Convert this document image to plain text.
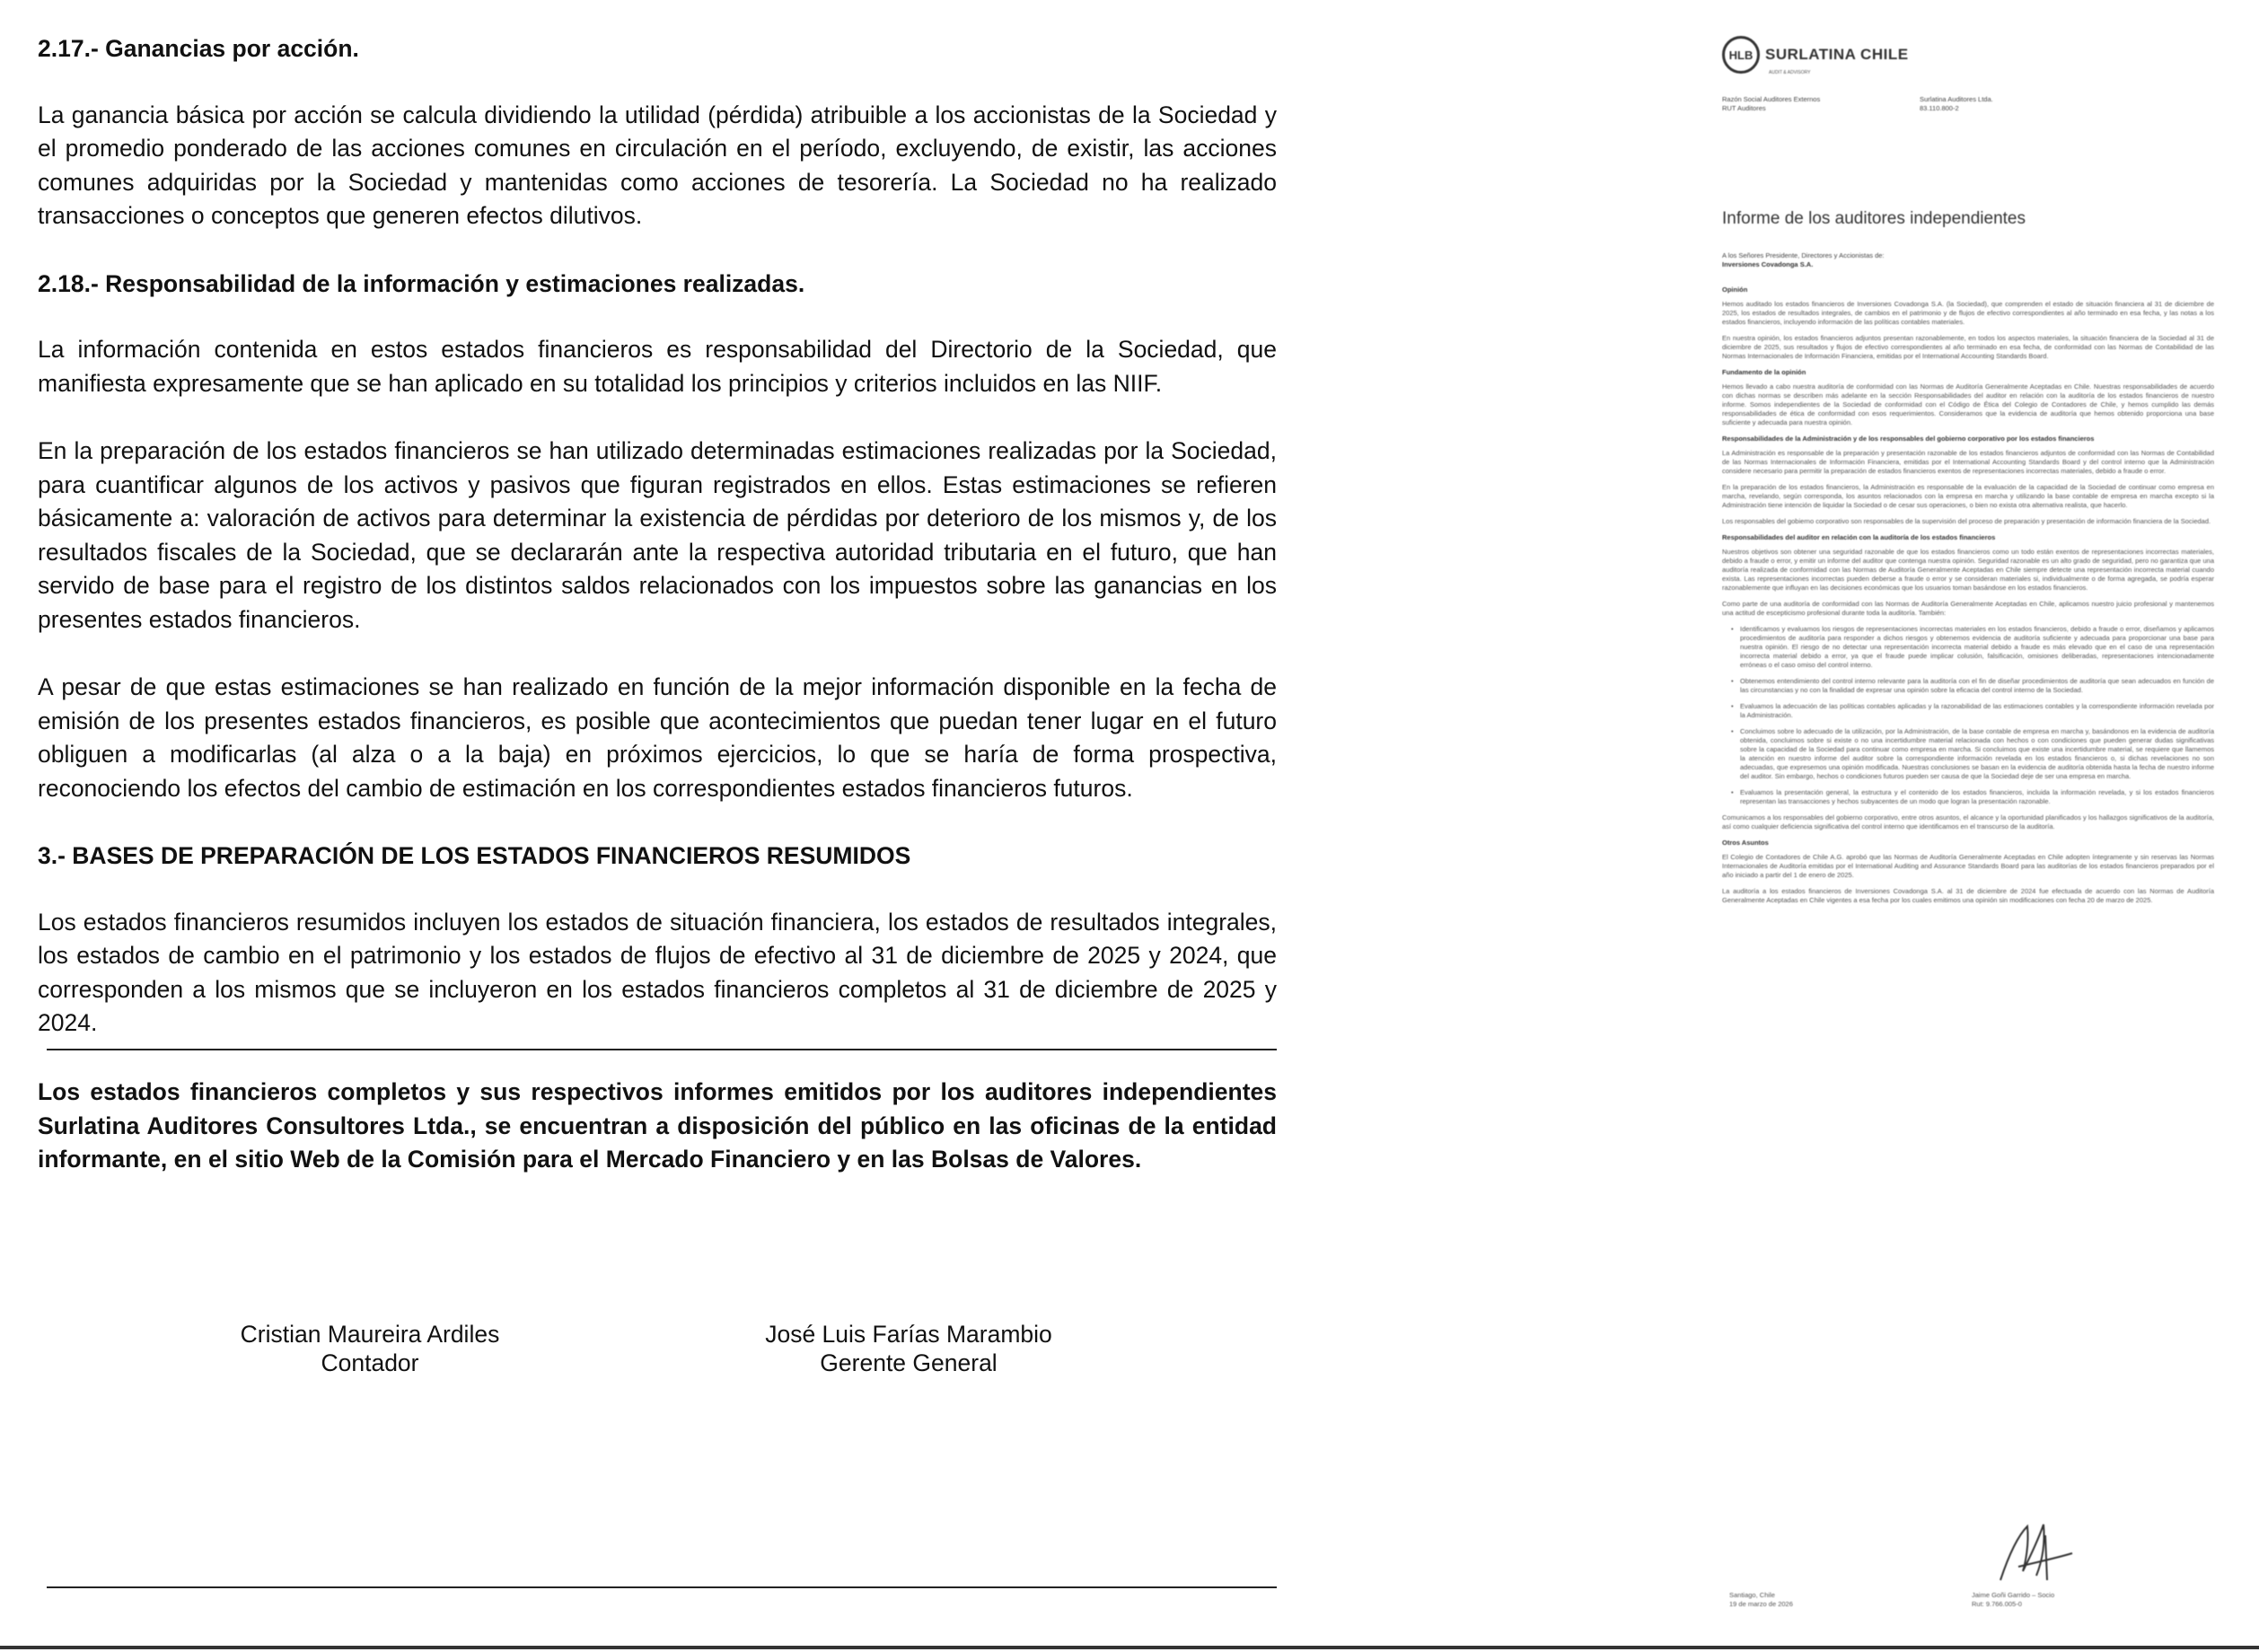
2.17.- Ganancias por acción.

La ganancia básica por acción se calcula dividiendo la utilidad (pérdida) atribuible a los accionistas de la Sociedad y el promedio ponderado de las acciones comunes en circulación en el período, excluyendo, de existir, las acciones comunes adquiridas por la Sociedad y mantenidas como acciones de tesorería. La Sociedad no ha realizado transacciones o conceptos que generen efectos dilutivos.

2.18.- Responsabilidad de la información y estimaciones realizadas.

La información contenida en estos estados financieros es responsabilidad del Directorio de la Sociedad, que manifiesta expresamente que se han aplicado en su totalidad los principios y criterios incluidos en las NIIF.

En la preparación de los estados financieros se han utilizado determinadas estimaciones realizadas por la Sociedad, para cuantificar algunos de los activos y pasivos que figuran registrados en ellos. Estas estimaciones se refieren básicamente a: valoración de activos para determinar la existencia de pérdidas por deterioro de los mismos y, de los resultados fiscales de la Sociedad, que se declararán ante la respectiva autoridad tributaria en el futuro, que han servido de base para el registro de los distintos saldos relacionados con los impuestos sobre las ganancias en los presentes estados financieros.

A pesar de que estas estimaciones se han realizado en función de la mejor información disponible en la fecha de emisión de los presentes estados financieros, es posible que acontecimientos que puedan tener lugar en el futuro obliguen a modificarlas (al alza o a la baja) en próximos ejercicios, lo que se haría de forma prospectiva, reconociendo los efectos del cambio de estimación en los correspondientes estados financieros futuros.

3.- BASES DE PREPARACIÓN DE LOS ESTADOS FINANCIEROS RESUMIDOS

Los estados financieros resumidos incluyen los estados de situación financiera, los estados de resultados integrales, los estados de cambio en el patrimonio y los estados de flujos de efectivo al 31 de diciembre de 2025 y 2024, que corresponden a los mismos que se incluyeron en los estados financieros completos al 31 de diciembre de 2025 y 2024.

Los estados financieros completos y sus respectivos informes emitidos por los auditores independientes Surlatina Auditores Consultores Ltda., se encuentran a disposición del público en las oficinas de la entidad informante, en el sitio Web de la Comisión para el Mercado Financiero y en las Bolsas de Valores.

Cristian Maureira Ardiles
Contador
José Luis Farías Marambio
Gerente General
HLB SURLATINA CHILE
AUDIT & ADVISORY
Razón Social Auditores Externos	Surlatina Auditores Ltda.
RUT Auditores	83.110.800-2
Informe de los auditores independientes

A los Señores Presidente, Directores y Accionistas de:

Inversiones Covadonga S.A.

Opinión

Hemos auditado los estados financieros de Inversiones Covadonga S.A. (la Sociedad), que comprenden el estado de situación financiera al 31 de diciembre de 2025, los estados de resultados integrales, de cambios en el patrimonio y de flujos de efectivo correspondientes al año terminado en esa fecha, y las notas a los estados financieros, incluyendo información de las políticas contables materiales.

En nuestra opinión, los estados financieros adjuntos presentan razonablemente, en todos los aspectos materiales, la situación financiera de la Sociedad al 31 de diciembre de 2025, sus resultados y flujos de efectivo correspondientes al año terminado en esa fecha, de conformidad con las Normas de Contabilidad de las Normas Internacionales de Información Financiera, emitidas por el International Accounting Standards Board.

Fundamento de la opinión

Hemos llevado a cabo nuestra auditoría de conformidad con las Normas de Auditoría Generalmente Aceptadas en Chile. Nuestras responsabilidades de acuerdo con dichas normas se describen más adelante en la sección Responsabilidades del auditor en relación con la auditoría de los estados financieros de nuestro informe. Somos independientes de la Sociedad de conformidad con el Código de Ética del Colegio de Contadores de Chile, y hemos cumplido las demás responsabilidades de ética de conformidad con esos requerimientos. Consideramos que la evidencia de auditoría que hemos obtenido proporciona una base suficiente y adecuada para nuestra opinión.

Responsabilidades de la Administración y de los responsables del gobierno corporativo por los estados financieros

La Administración es responsable de la preparación y presentación razonable de los estados financieros adjuntos de conformidad con las Normas de Contabilidad de las Normas Internacionales de Información Financiera, emitidas por el International Accounting Standards Board y del control interno que la Administración considere necesario para permitir la preparación de estados financieros exentos de representaciones incorrectas materiales, debido a fraude o error.

En la preparación de los estados financieros, la Administración es responsable de la evaluación de la capacidad de la Sociedad de continuar como empresa en marcha, revelando, según corresponda, los asuntos relacionados con la empresa en marcha y utilizando la base contable de empresa en marcha excepto si la Administración tiene intención de liquidar la Sociedad o de cesar sus operaciones, o bien no exista otra alternativa realista, que hacerlo.

Los responsables del gobierno corporativo son responsables de la supervisión del proceso de preparación y presentación de información financiera de la Sociedad.

Responsabilidades del auditor en relación con la auditoría de los estados financieros

Nuestros objetivos son obtener una seguridad razonable de que los estados financieros como un todo están exentos de representaciones incorrectas materiales, debido a fraude o error, y emitir un informe del auditor que contenga nuestra opinión. Seguridad razonable es un alto grado de seguridad, pero no garantiza que una auditoría realizada de conformidad con las Normas de Auditoría Generalmente Aceptadas en Chile siempre detecte una representación incorrecta material cuando exista. Las representaciones incorrectas pueden deberse a fraude o error y se consideran materiales si, individualmente o de forma agregada, se podría esperar razonablemente que influyan en las decisiones económicas que los usuarios toman basándose en los estados financieros.

Como parte de una auditoría de conformidad con las Normas de Auditoría Generalmente Aceptadas en Chile, aplicamos nuestro juicio profesional y mantenemos una actitud de escepticismo profesional durante toda la auditoría. También:

• Identificamos y evaluamos los riesgos de representaciones incorrectas materiales en los estados financieros, debido a fraude o error, diseñamos y aplicamos procedimientos de auditoría para responder a dichos riesgos y obtenemos evidencia de auditoría suficiente y adecuada para proporcionar una base para nuestra opinión. El riesgo de no detectar una representación incorrecta material debido a fraude es más elevado que en el caso de una representación incorrecta material debido a error, ya que el fraude puede implicar colusión, falsificación, omisiones deliberadas, representaciones intencionadamente erróneas o el caso omiso del control interno.

• Obtenemos entendimiento del control interno relevante para la auditoría con el fin de diseñar procedimientos de auditoría que sean adecuados en función de las circunstancias y no con la finalidad de expresar una opinión sobre la eficacia del control interno de la Sociedad.

• Evaluamos la adecuación de las políticas contables aplicadas y la razonabilidad de las estimaciones contables y la correspondiente información revelada por la Administración.

• Concluimos sobre lo adecuado de la utilización, por la Administración, de la base contable de empresa en marcha y, basándonos en la evidencia de auditoría obtenida, concluimos sobre si existe o no una incertidumbre material relacionada con hechos o con condiciones que pueden generar dudas significativas sobre la capacidad de la Sociedad para continuar como empresa en marcha. Si concluimos que existe una incertidumbre material, se requiere que llamemos la atención en nuestro informe del auditor sobre la correspondiente información revelada en los estados financieros o, si dichas revelaciones no son adecuadas, que expresemos una opinión modificada. Nuestras conclusiones se basan en la evidencia de auditoría obtenida hasta la fecha de nuestro informe del auditor. Sin embargo, hechos o condiciones futuros pueden ser causa de que la Sociedad deje de ser una empresa en marcha.

• Evaluamos la presentación general, la estructura y el contenido de los estados financieros, incluida la información revelada, y si los estados financieros representan las transacciones y hechos subyacentes de un modo que logran la presentación razonable.

Comunicamos a los responsables del gobierno corporativo, entre otros asuntos, el alcance y la oportunidad planificados y los hallazgos significativos de la auditoría, así como cualquier deficiencia significativa del control interno que identificamos en el transcurso de la auditoría.

Otros Asuntos

El Colegio de Contadores de Chile A.G. aprobó que las Normas de Auditoría Generalmente Aceptadas en Chile adopten íntegramente y sin reservas las Normas Internacionales de Auditoría emitidas por el International Auditing and Assurance Standards Board para las auditorías de los estados financieros preparados por el año iniciado a partir del 1 de enero de 2025.

La auditoría a los estados financieros de Inversiones Covadonga S.A. al 31 de diciembre de 2024 fue efectuada de acuerdo con las Normas de Auditoría Generalmente Aceptadas en Chile vigentes a esa fecha por los cuales emitimos una opinión sin modificaciones con fecha 20 de marzo de 2025.

Santiago, Chile
19 de marzo de 2026
Jaime Goñi Garrido – Socio
Rut: 9.766.005-0
